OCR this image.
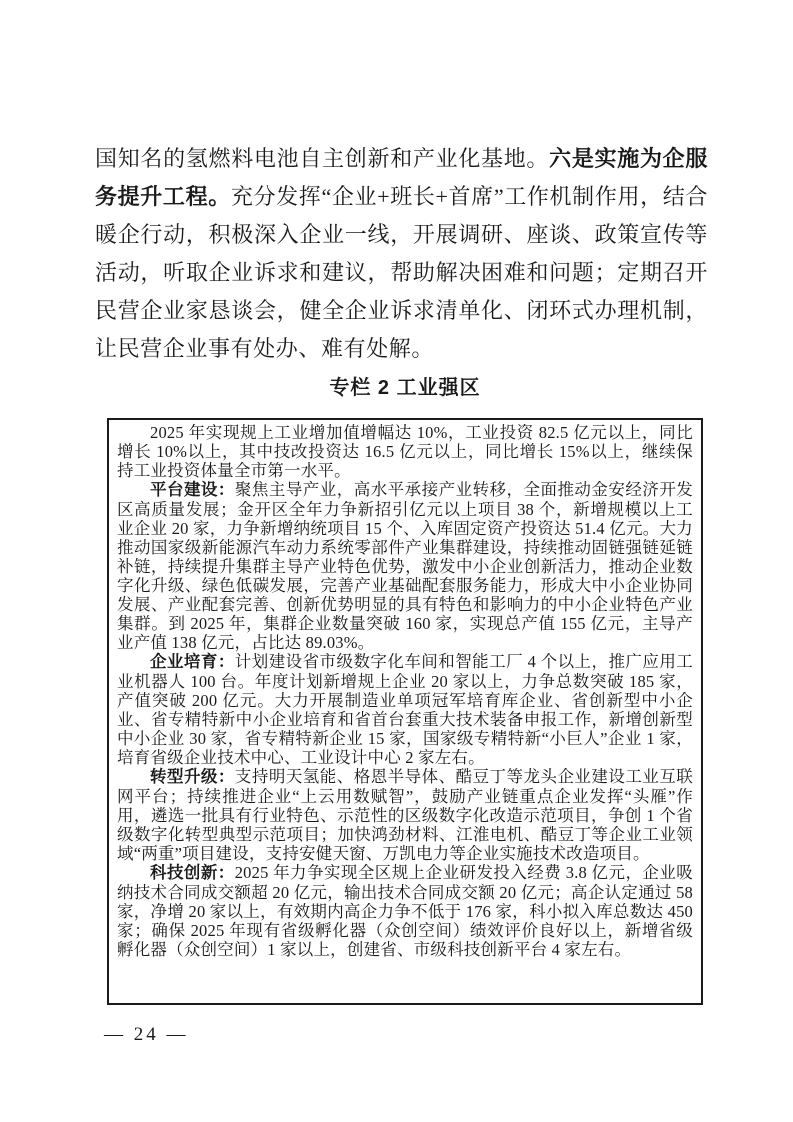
国知名的氢燃料电池自主创新和产业化基地。六是实施为企服务提升工程。充分发挥“企业+班长+首席”工作机制作用，结合暖企行动，积极深入企业一线，开展调研、座谈、政策宣传等活动，听取企业诉求和建议，帮助解决困难和问题；定期召开民营企业家恳谈会，健全企业诉求清单化、闭环式办理机制，让民营企业事有处办、难有处解。

专栏 2 工业强区

2025 年实现规上工业增加值增幅达 10%，工业投资 82.5 亿元以上，同比增长 10%以上，其中技改投资达 16.5 亿元以上，同比增长 15%以上，继续保持工业投资体量全市第一水平。

平台建设：聚焦主导产业，高水平承接产业转移，全面推动金安经济开发区高质量发展；金开区全年力争新招引亿元以上项目 38 个，新增规模以上工业企业 20 家，力争新增纳统项目 15 个、入库固定资产投资达 51.4 亿元。大力推动国家级新能源汽车动力系统零部件产业集群建设，持续推动固链强链延链补链，持续提升集群主导产业特色优势，激发中小企业创新活力，推动企业数字化升级、绿色低碳发展，完善产业基础配套服务能力，形成大中小企业协同发展、产业配套完善、创新优势明显的具有特色和影响力的中小企业特色产业集群。到 2025 年，集群企业数量突破 160 家，实现总产值 155 亿元，主导产业产值 138 亿元，占比达 89.03%。

企业培育：计划建设省市级数字化车间和智能工厂 4 个以上，推广应用工业机器人 100 台。年度计划新增规上企业 20 家以上，力争总数突破 185 家，产值突破 200 亿元。大力开展制造业单项冠军培育库企业、省创新型中小企业、省专精特新中小企业培育和省首台套重大技术装备申报工作，新增创新型中小企业 30 家，省专精特新企业 15 家，国家级专精特新“小巨人”企业 1 家，培育省级企业技术中心、工业设计中心 2 家左右。

转型升级：支持明天氢能、格恩半导体、酷豆丁等龙头企业建设工业互联网平台；持续推进企业“上云用数赋智”，鼓励产业链重点企业发挥“头雁”作用，遴选一批具有行业特色、示范性的区级数字化改造示范项目，争创 1 个省级数字化转型典型示范项目；加快鸿劲材料、江淮电机、酷豆丁等企业工业领域“两重”项目建设，支持安健天窗、万凯电力等企业实施技术改造项目。

科技创新：2025 年力争实现全区规上企业研发投入经费 3.8 亿元，企业吸纳技术合同成交额超 20 亿元，输出技术合同成交额 20 亿元；高企认定通过 58 家，净增 20 家以上，有效期内高企力争不低于 176 家，科小拟入库总数达 450 家；确保 2025 年现有省级孵化器（众创空间）绩效评价良好以上，新增省级孵化器（众创空间）1 家以上，创建省、市级科技创新平台 4 家左右。

— 24 —
